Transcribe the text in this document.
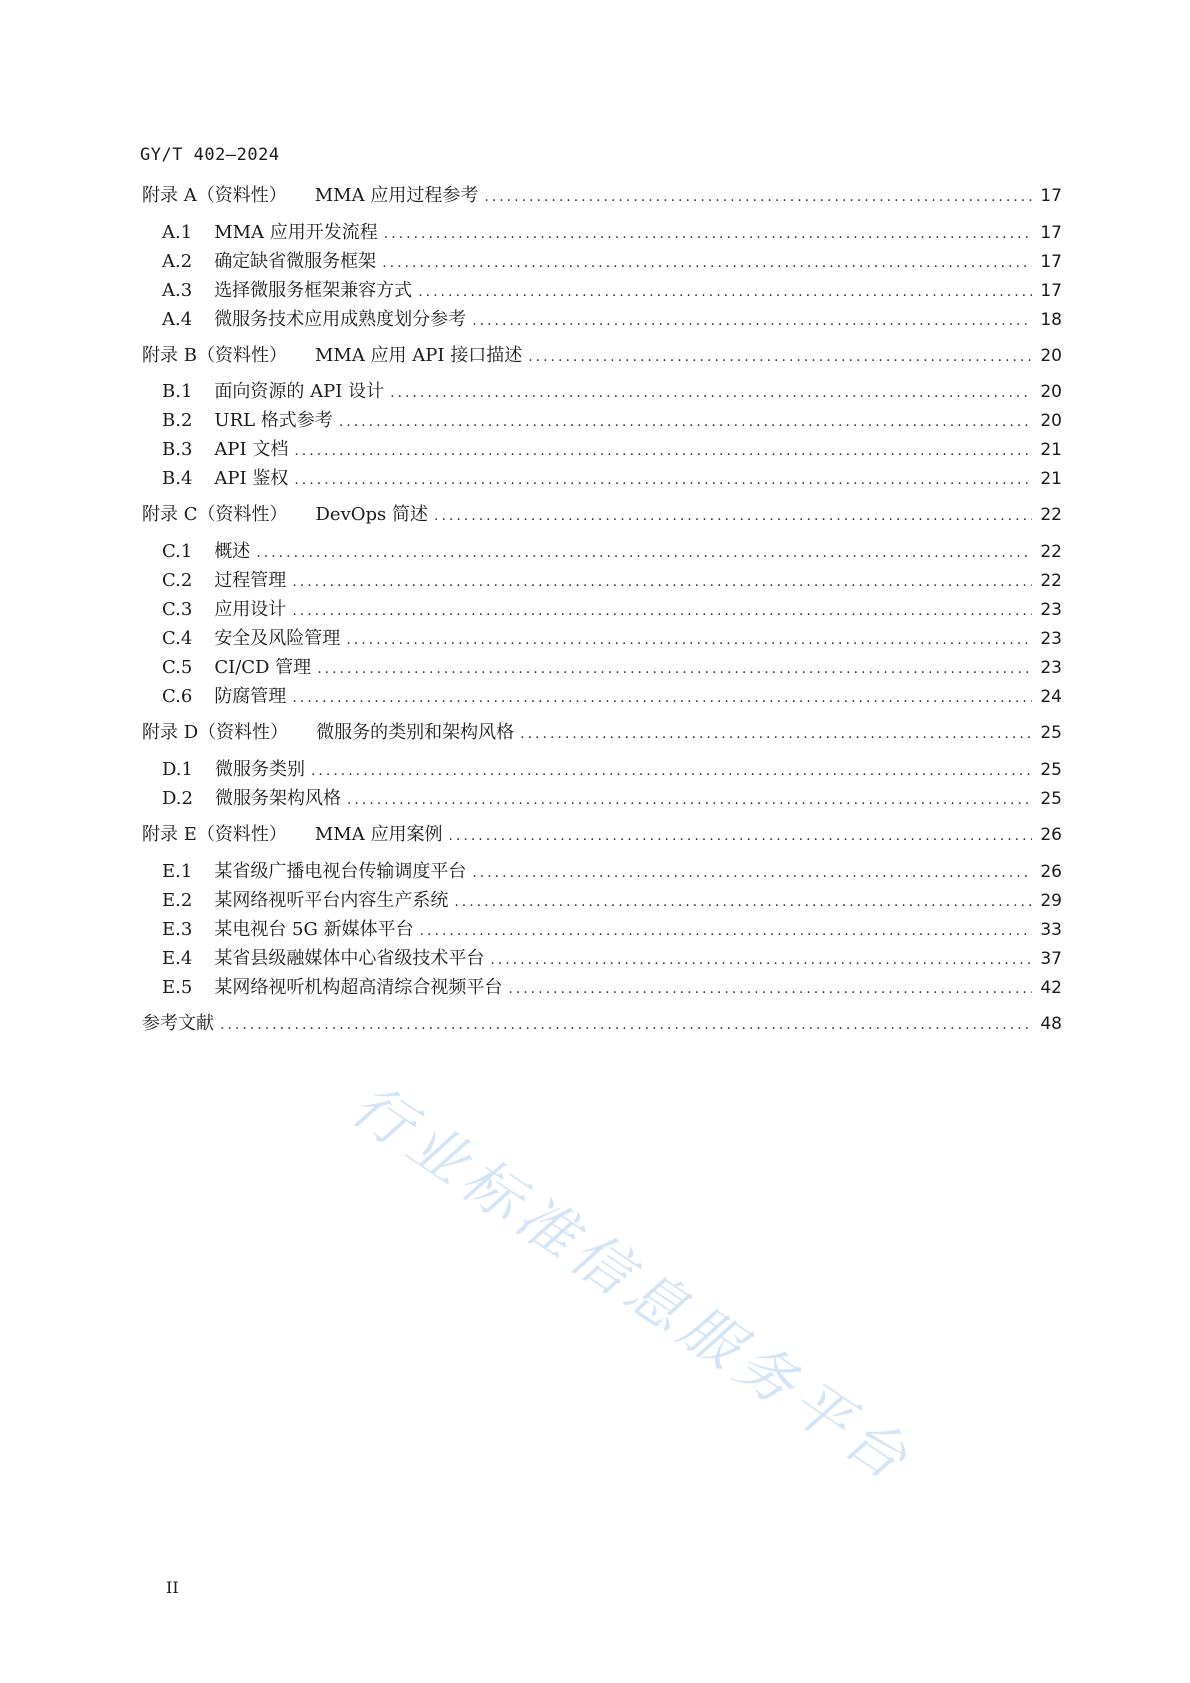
GY/T 402—2024
附录 A（资料性） MMA 应用过程参考 .....	17
A.1 MMA 应用开发流程 .....	17
A.2 确定缺省微服务框架 .....	17
A.3 选择微服务框架兼容方式 .....	17
A.4 微服务技术应用成熟度划分参考 .....	18
附录 B（资料性） MMA 应用 API 接口描述 .....	20
B.1 面向资源的 API 设计 .....	20
B.2 URL 格式参考 .....	20
B.3 API 文档 .....	21
B.4 API 鉴权 .....	21
附录 C（资料性） DevOps 简述 .....	22
C.1 概述 .....	22
C.2 过程管理 .....	22
C.3 应用设计 .....	23
C.4 安全及风险管理 .....	23
C.5 CI/CD 管理 .....	23
C.6 防腐管理 .....	24
附录 D（资料性） 微服务的类别和架构风格 .....	25
D.1 微服务类别 .....	25
D.2 微服务架构风格 .....	25
附录 E（资料性） MMA 应用案例 .....	26
E.1 某省级广播电视台传输调度平台 .....	26
E.2 某网络视听平台内容生产系统 .....	29
E.3 某电视台 5G 新媒体平台 .....	33
E.4 某省县级融媒体中心省级技术平台 .....	37
E.5 某网络视听机构超高清综合视频平台 .....	42
参考文献 .....	48
行业标准信息服务平台
II
